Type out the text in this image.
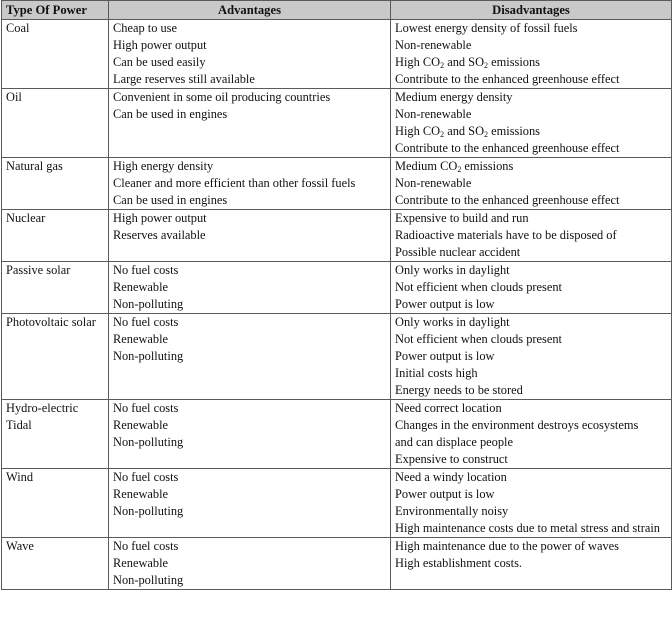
Type Of Power	Advantages	Disadvantages

Coal	Cheap to use
High power output
Can be used easily
Large reserves still available	Lowest energy density of fossil fuels
Non-renewable
High $CO_2$ and $SO_2$ emissions
Contribute to the enhanced greenhouse effect

Oil	Convenient in some oil producing countries
Can be used in engines	Medium energy density
Non-renewable
High $CO_2$ and $SO_2$ emissions
Contribute to the enhanced greenhouse effect

Natural gas	High energy density
Cleaner and more efficient than other fossil fuels
Can be used in engines	Medium $CO_2$ emissions
Non-renewable
Contribute to the enhanced greenhouse effect

Nuclear	High power output
Reserves available	Expensive to build and run
Radioactive materials have to be disposed of
Possible nuclear accident

Passive solar	No fuel costs
Renewable
Non-polluting	Only works in daylight
Not efficient when clouds present
Power output is low

Photovoltaic solar	No fuel costs
Renewable
Non-polluting	Only works in daylight
Not efficient when clouds present
Power output is low
Initial costs high
Energy needs to be stored

Hydro-electric
Tidal	No fuel costs
Renewable
Non-polluting	Need correct location
Changes in the environment destroys ecosystems
and can displace people
Expensive to construct

Wind	No fuel costs
Renewable
Non-polluting	Need a windy location
Power output is low
Environmentally noisy
High maintenance costs due to metal stress and strain

Wave	No fuel costs
Renewable
Non-polluting	High maintenance due to the power of waves
High establishment costs.
